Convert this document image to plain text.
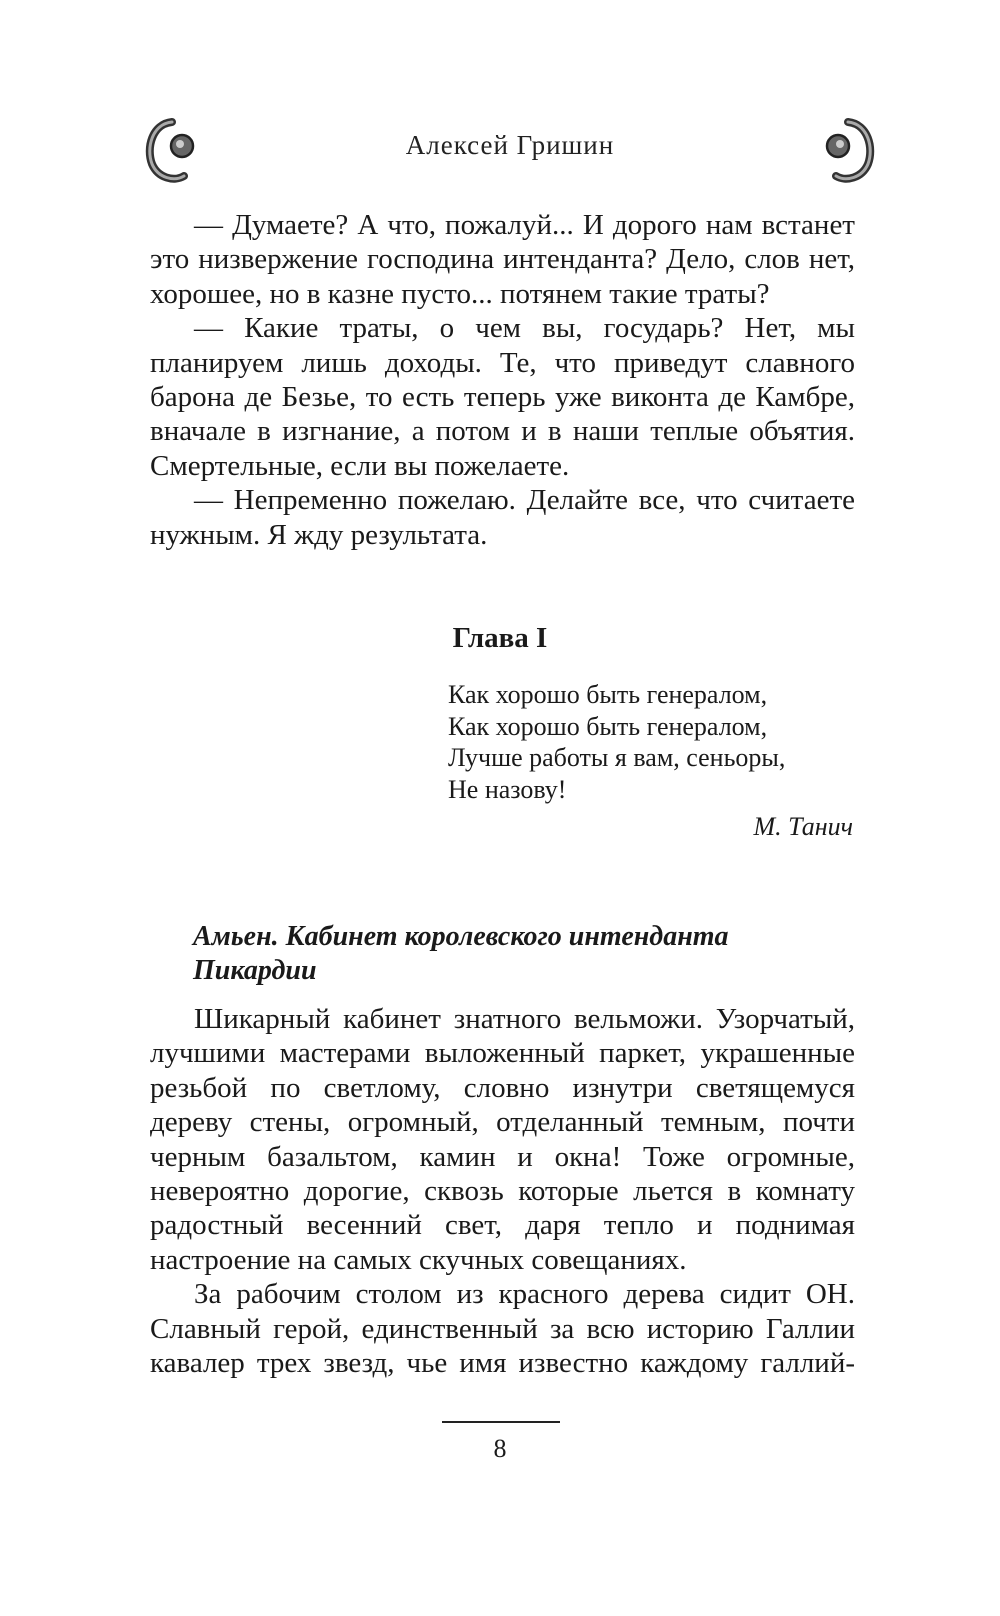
Алексей Гришин

— Думаете? А что, пожалуй... И дорого нам встанет это низвержение господина интенданта? Дело, слов нет, хорошее, но в казне пусто... потянем такие траты?

— Какие траты, о чем вы, государь? Нет, мы планируем лишь доходы. Те, что приведут славного барона де Безье, то есть теперь уже виконта де Камбре, вначале в изгнание, а потом и в наши теплые объятия. Смертельные, если вы пожелаете.

— Непременно пожелаю. Делайте все, что считаете нужным. Я жду результата.

Глава I
Как хорошо быть генералом,
Как хорошо быть генералом,
Лучше работы я вам, сеньоры,
Не назову!
М. Танич
Амьен. Кабинет королевского интенданта Пикардии

Шикарный кабинет знатного вельможи. Узорчатый, лучшими мастерами выложенный паркет, украшенные резьбой по светлому, словно изнутри светящемуся дереву стены, огромный, отделанный темным, почти черным базальтом, камин и окна! Тоже огромные, невероятно дорогие, сквозь которые льется в комнату радостный весенний свет, даря тепло и поднимая настроение на самых скучных совещаниях.

За рабочим столом из красного дерева сидит ОН. Славный герой, единственный за всю историю Галлии кавалер трех звезд, чье имя известно каждому галлий-

8
